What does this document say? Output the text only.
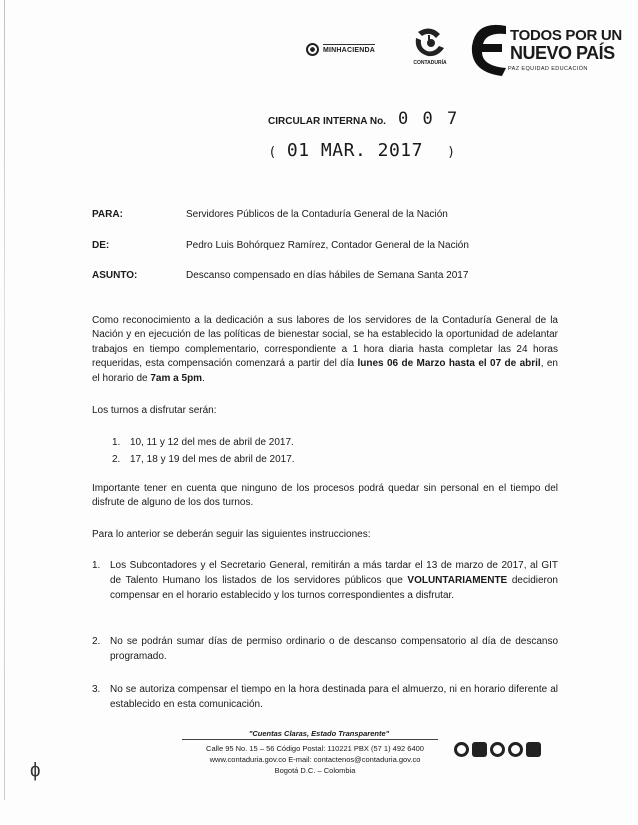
MINHACIENDA
CONTADURÍA
TODOS POR UN
NUEVO PAÍS
PAZ EQUIDAD EDUCACIÓN
CIRCULAR INTERNA No. 0 0 7
( 01 MAR. 2017 )
PARA:	Servidores Públicos de la Contaduría General de la Nación
DE:	Pedro Luis Bohórquez Ramírez, Contador General de la Nación
ASUNTO:	Descanso compensado en días hábiles de Semana Santa 2017

Como reconocimiento a la dedicación a sus labores de los servidores de la Contaduría General de la Nación y en ejecución de las políticas de bienestar social, se ha establecido la oportunidad de adelantar trabajos en tiempo complementario, correspondiente a 1 hora diaria hasta completar las 24 horas requeridas, esta compensación comenzará a partir del día lunes 06 de Marzo hasta el 07 de abril, en el horario de 7am a 5pm.

Los turnos a disfrutar serán:

1. 10, 11 y 12 del mes de abril de 2017.
2. 17, 18 y 19 del mes de abril de 2017.

Importante tener en cuenta que ninguno de los procesos podrá quedar sin personal en el tiempo del disfrute de alguno de los dos turnos.

Para lo anterior se deberán seguir las siguientes instrucciones:

1. Los Subcontadores y el Secretario General, remitirán a más tardar el 13 de marzo de 2017, al GIT de Talento Humano los listados de los servidores públicos que VOLUNTARIAMENTE decidieron compensar en el horario establecido y los turnos correspondientes a disfrutar.
2. No se podrán sumar días de permiso ordinario o de descanso compensatorio al día de descanso programado.
3. No se autoriza compensar el tiempo en la hora destinada para el almuerzo, ni en horario diferente al establecido en esta comunicación.
"Cuentas Claras, Estado Transparente"
Calle 95 No. 15 – 56 Código Postal: 110221 PBX (57 1) 492 6400
www.contaduria.gov.co E-mail: contactenos@contaduria.gov.co
Bogotá D.C. – Colombia
ᶲ
